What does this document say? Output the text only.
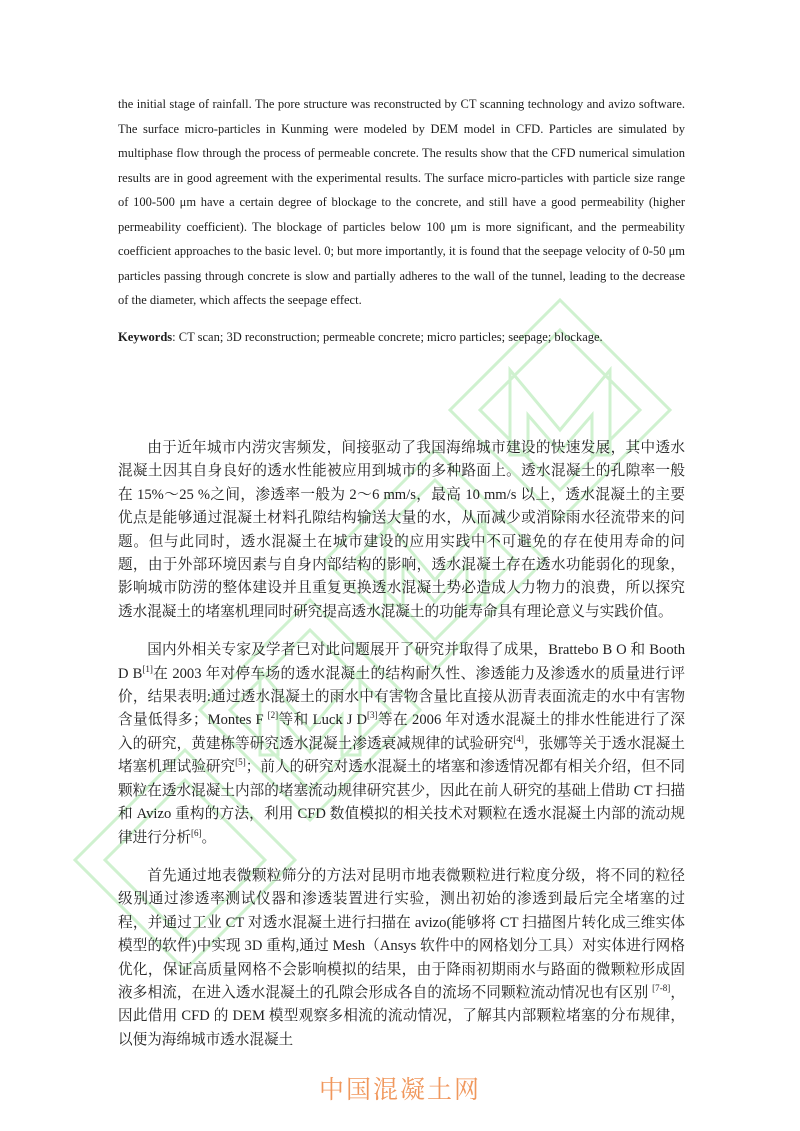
the initial stage of rainfall. The pore structure was reconstructed by CT scanning technology and avizo software. The surface micro-particles in Kunming were modeled by DEM model in CFD. Particles are simulated by multiphase flow through the process of permeable concrete. The results show that the CFD numerical simulation results are in good agreement with the experimental results. The surface micro-particles with particle size range of 100-500 μm have a certain degree of blockage to the concrete, and still have a good permeability (higher permeability coefficient). The blockage of particles below 100 μm is more significant, and the permeability coefficient approaches to the basic level. 0; but more importantly, it is found that the seepage velocity of 0-50 μm particles passing through concrete is slow and partially adheres to the wall of the tunnel, leading to the decrease of the diameter, which affects the seepage effect.

Keywords: CT scan; 3D reconstruction; permeable concrete; micro particles; seepage; blockage.

由于近年城市内涝灾害频发，间接驱动了我国海绵城市建设的快速发展，其中透水混凝土因其自身良好的透水性能被应用到城市的多种路面上。透水混凝土的孔隙率一般在 15%～25 %之间，渗透率一般为 2～6 mm/s，最高 10 mm/s 以上，透水混凝土的主要优点是能够通过混凝土材料孔隙结构输送大量的水，从而减少或消除雨水径流带来的问题。但与此同时，透水混凝土在城市建设的应用实践中不可避免的存在使用寿命的问题，由于外部环境因素与自身内部结构的影响，透水混凝土存在透水功能弱化的现象，影响城市防涝的整体建设并且重复更换透水混凝土势必造成人力物力的浪费，所以探究透水混凝土的堵塞机理同时研究提高透水混凝土的功能寿命具有理论意义与实践价值。

国内外相关专家及学者已对此问题展开了研究并取得了成果，Brattebo B O 和 Booth D B[1]在 2003 年对停车场的透水混凝土的结构耐久性、渗透能力及渗透水的质量进行评价，结果表明:通过透水混凝土的雨水中有害物含量比直接从沥青表面流走的水中有害物含量低得多；Montes F [2]等和 Luck J D[3]等在 2006 年对透水混凝土的排水性能进行了深入的研究，黄建栋等研究透水混凝土渗透衰减规律的试验研究[4]，张娜等关于透水混凝土堵塞机理试验研究[5]；前人的研究对透水混凝土的堵塞和渗透情况都有相关介绍，但不同颗粒在透水混凝土内部的堵塞流动规律研究甚少，因此在前人研究的基础上借助 CT 扫描和 Avizo 重构的方法，利用 CFD 数值模拟的相关技术对颗粒在透水混凝土内部的流动规律进行分析[6]。

首先通过地表微颗粒筛分的方法对昆明市地表微颗粒进行粒度分级，将不同的粒径级别通过渗透率测试仪器和渗透装置进行实验，测出初始的渗透到最后完全堵塞的过程，并通过工业 CT 对透水混凝土进行扫描在 avizo(能够将 CT 扫描图片转化成三维实体模型的软件)中实现 3D 重构,通过 Mesh（Ansys 软件中的网格划分工具）对实体进行网格优化，保证高质量网格不会影响模拟的结果，由于降雨初期雨水与路面的微颗粒形成固液多相流，在进入透水混凝土的孔隙会形成各自的流场不同颗粒流动情况也有区别 [7-8]，因此借用 CFD 的 DEM 模型观察多相流的流动情况，了解其内部颗粒堵塞的分布规律，以便为海绵城市透水混凝土

中国混凝土网
